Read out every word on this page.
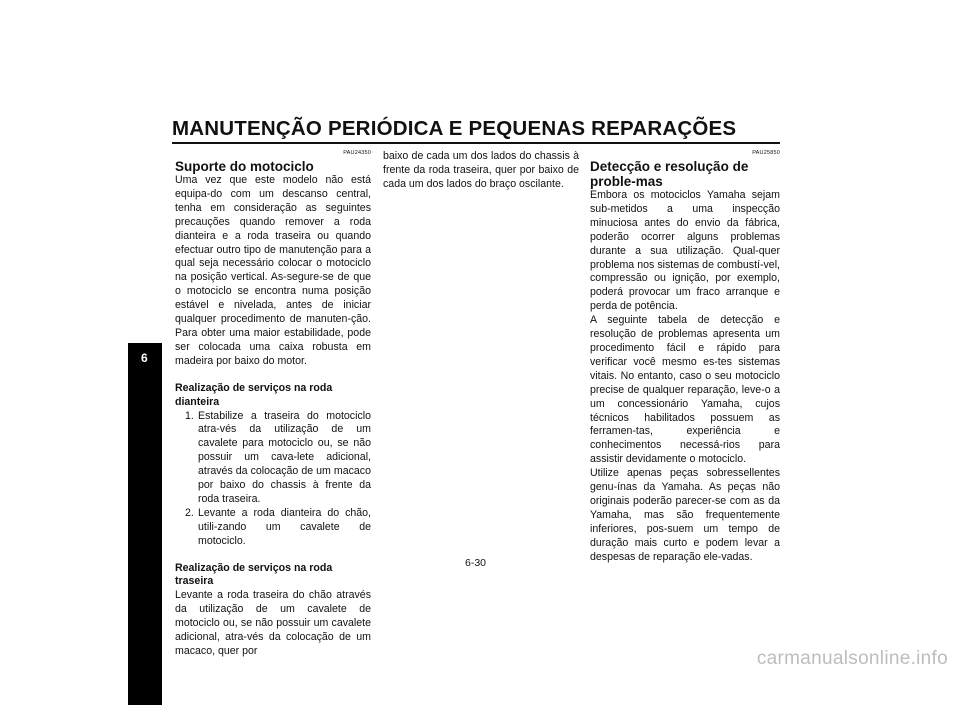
MANUTENÇÃO PERIÓDICA E PEQUENAS REPARAÇÕES
6
PAU24350
Suporte do motociclo

Uma vez que este modelo não está equipa-do com um descanso central, tenha em consideração as seguintes precauções quando remover a roda dianteira e a roda traseira ou quando efectuar outro tipo de manutenção para a qual seja necessário colocar o motociclo na posição vertical. As-segure-se de que o motociclo se encontra numa posição estável e nivelada, antes de iniciar qualquer procedimento de manuten-ção. Para obter uma maior estabilidade, pode ser colocada uma caixa robusta em madeira por baixo do motor.

Realização de serviços na roda dianteira
1. Estabilize a traseira do motociclo atra-vés da utilização de um cavalete para motociclo ou, se não possuir um cava-lete adicional, através da colocação de um macaco por baixo do chassis à frente da roda traseira.
2. Levante a roda dianteira do chão, utili-zando um cavalete de motociclo.
Realização de serviços na roda traseira

Levante a roda traseira do chão através da utilização de um cavalete de motociclo ou, se não possuir um cavalete adicional, atra-vés da colocação de um macaco, quer por

baixo de cada um dos lados do chassis à frente da roda traseira, quer por baixo de cada um dos lados do braço oscilante.

PAU25850
Detecção e resolução de proble-mas

Embora os motociclos Yamaha sejam sub-metidos a uma inspecção minuciosa antes do envio da fábrica, poderão ocorrer alguns problemas durante a sua utilização. Qual-quer problema nos sistemas de combustí-vel, compressão ou ignição, por exemplo, poderá provocar um fraco arranque e perda de potência.

A seguinte tabela de detecção e resolução de problemas apresenta um procedimento fácil e rápido para verificar você mesmo es-tes sistemas vitais. No entanto, caso o seu motociclo precise de qualquer reparação, leve-o a um concessionário Yamaha, cujos técnicos habilitados possuem as ferramen-tas, experiência e conhecimentos necessá-rios para assistir devidamente o motociclo.

Utilize apenas peças sobressellentes genu-ínas da Yamaha. As peças não originais poderão parecer-se com as da Yamaha, mas são frequentemente inferiores, pos-suem um tempo de duração mais curto e podem levar a despesas de reparação ele-vadas.

6-30
carmanualsonline.info
